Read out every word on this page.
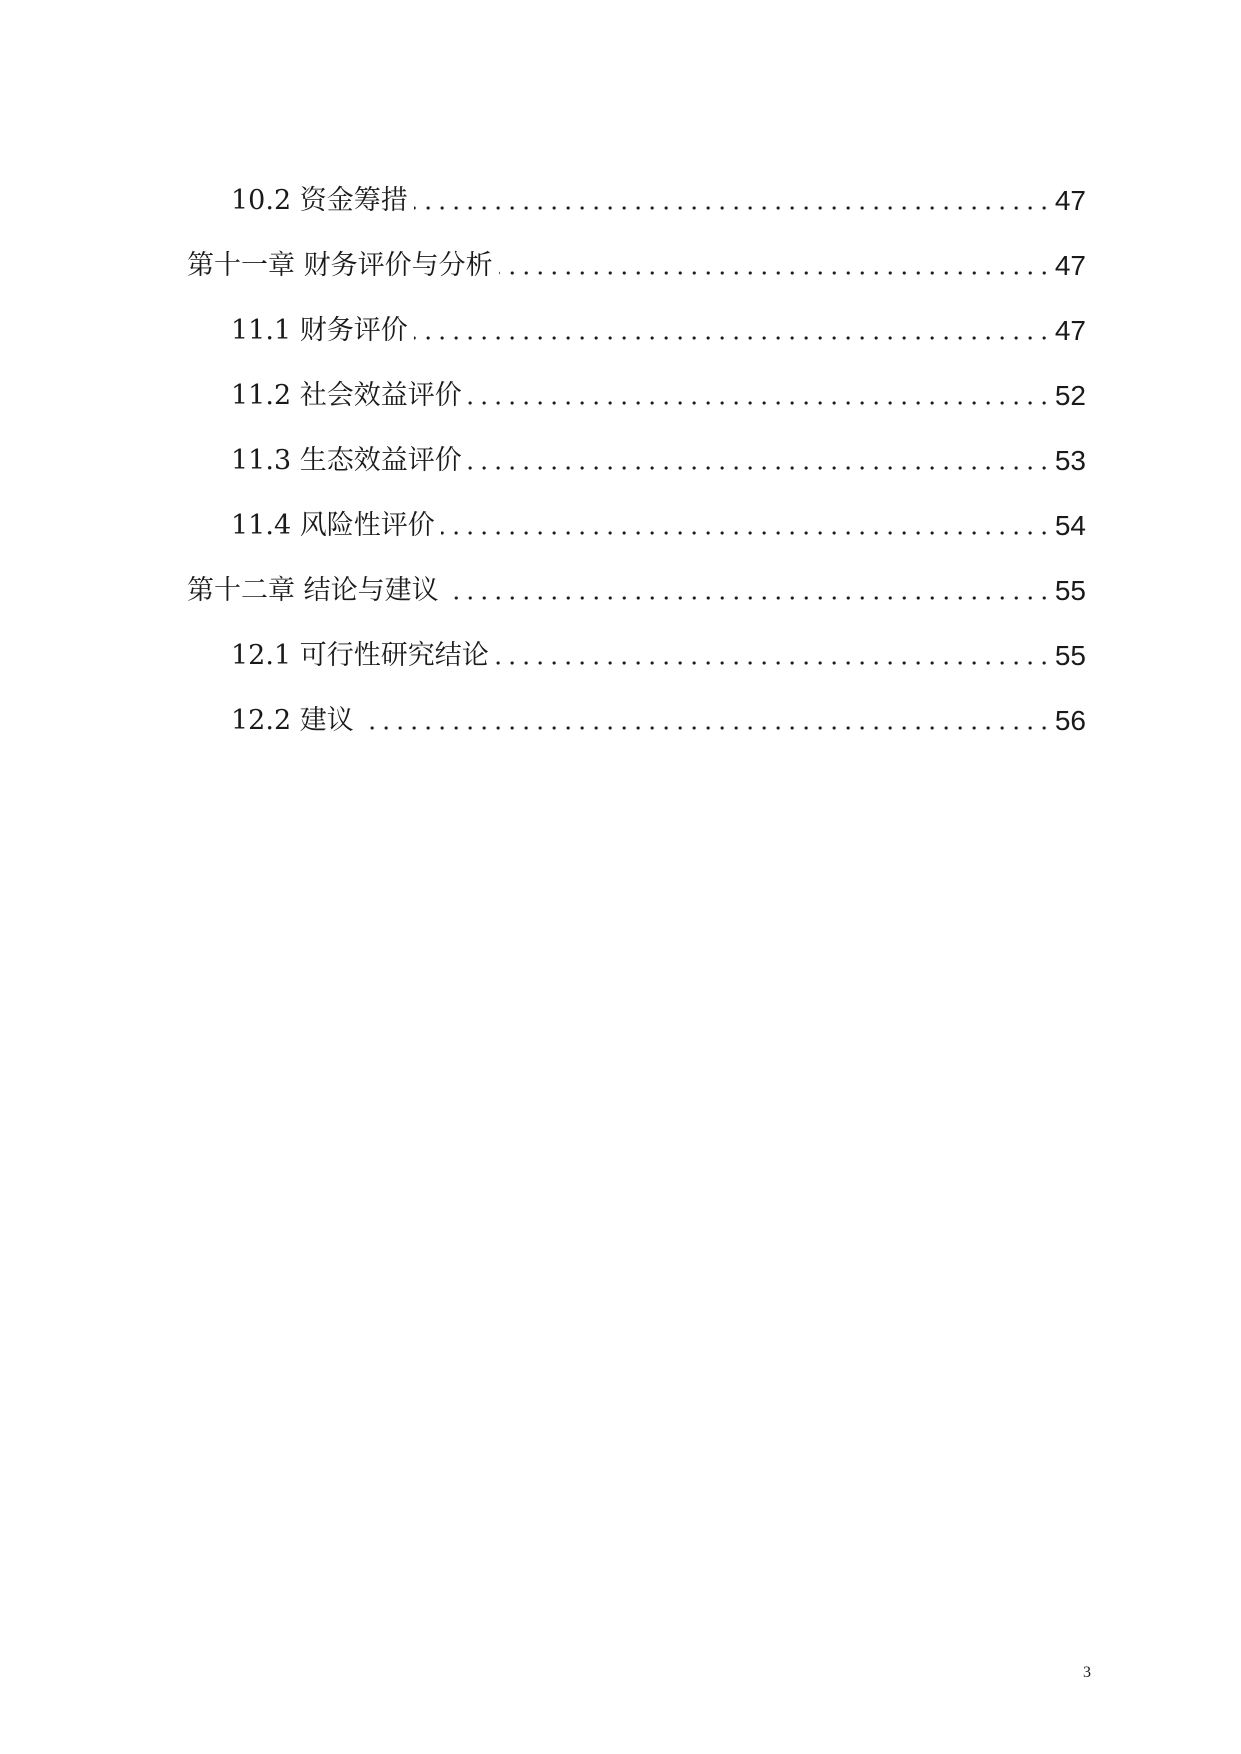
10.2 资金筹措	47
第十一章 财务评价与分析	47
11.1 财务评价	47
11.2 社会效益评价	52
11.3 生态效益评价	53
11.4 风险性评价	54
第十二章 结论与建议	55
12.1 可行性研究结论	55
12.2 建议	56
3
